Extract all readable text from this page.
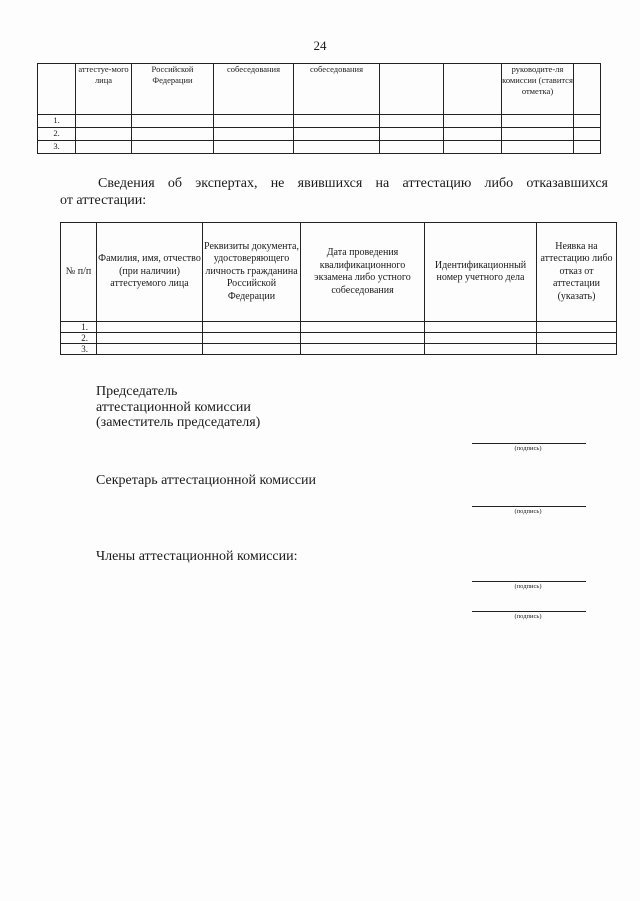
24
	аттестуе-мого лица	Российской Федерации	собеседования	собеседования			руководите-ля комиссии (ставится отметка)	
1.								
2.								
3.								
Сведения об экспертах, не явившихся на аттестацию либо отказавшихся
от аттестации:
№ п/п	Фамилия, имя, отчество (при наличии) аттестуемого лица	Реквизиты документа, удостоверяющего личность гражданина Российской Федерации	Дата проведения квалификационного экзамена либо устного собеседования	Идентификационный номер учетного дела	Неявка на аттестацию либо отказ от аттестации (указать)
1.					
2.					
3.					
Председатель
аттестационной комиссии
(заместитель председателя)
(подпись)
Секретарь аттестационной комиссии
(подпись)
Члены аттестационной комиссии:
(подпись)
(подпись)
